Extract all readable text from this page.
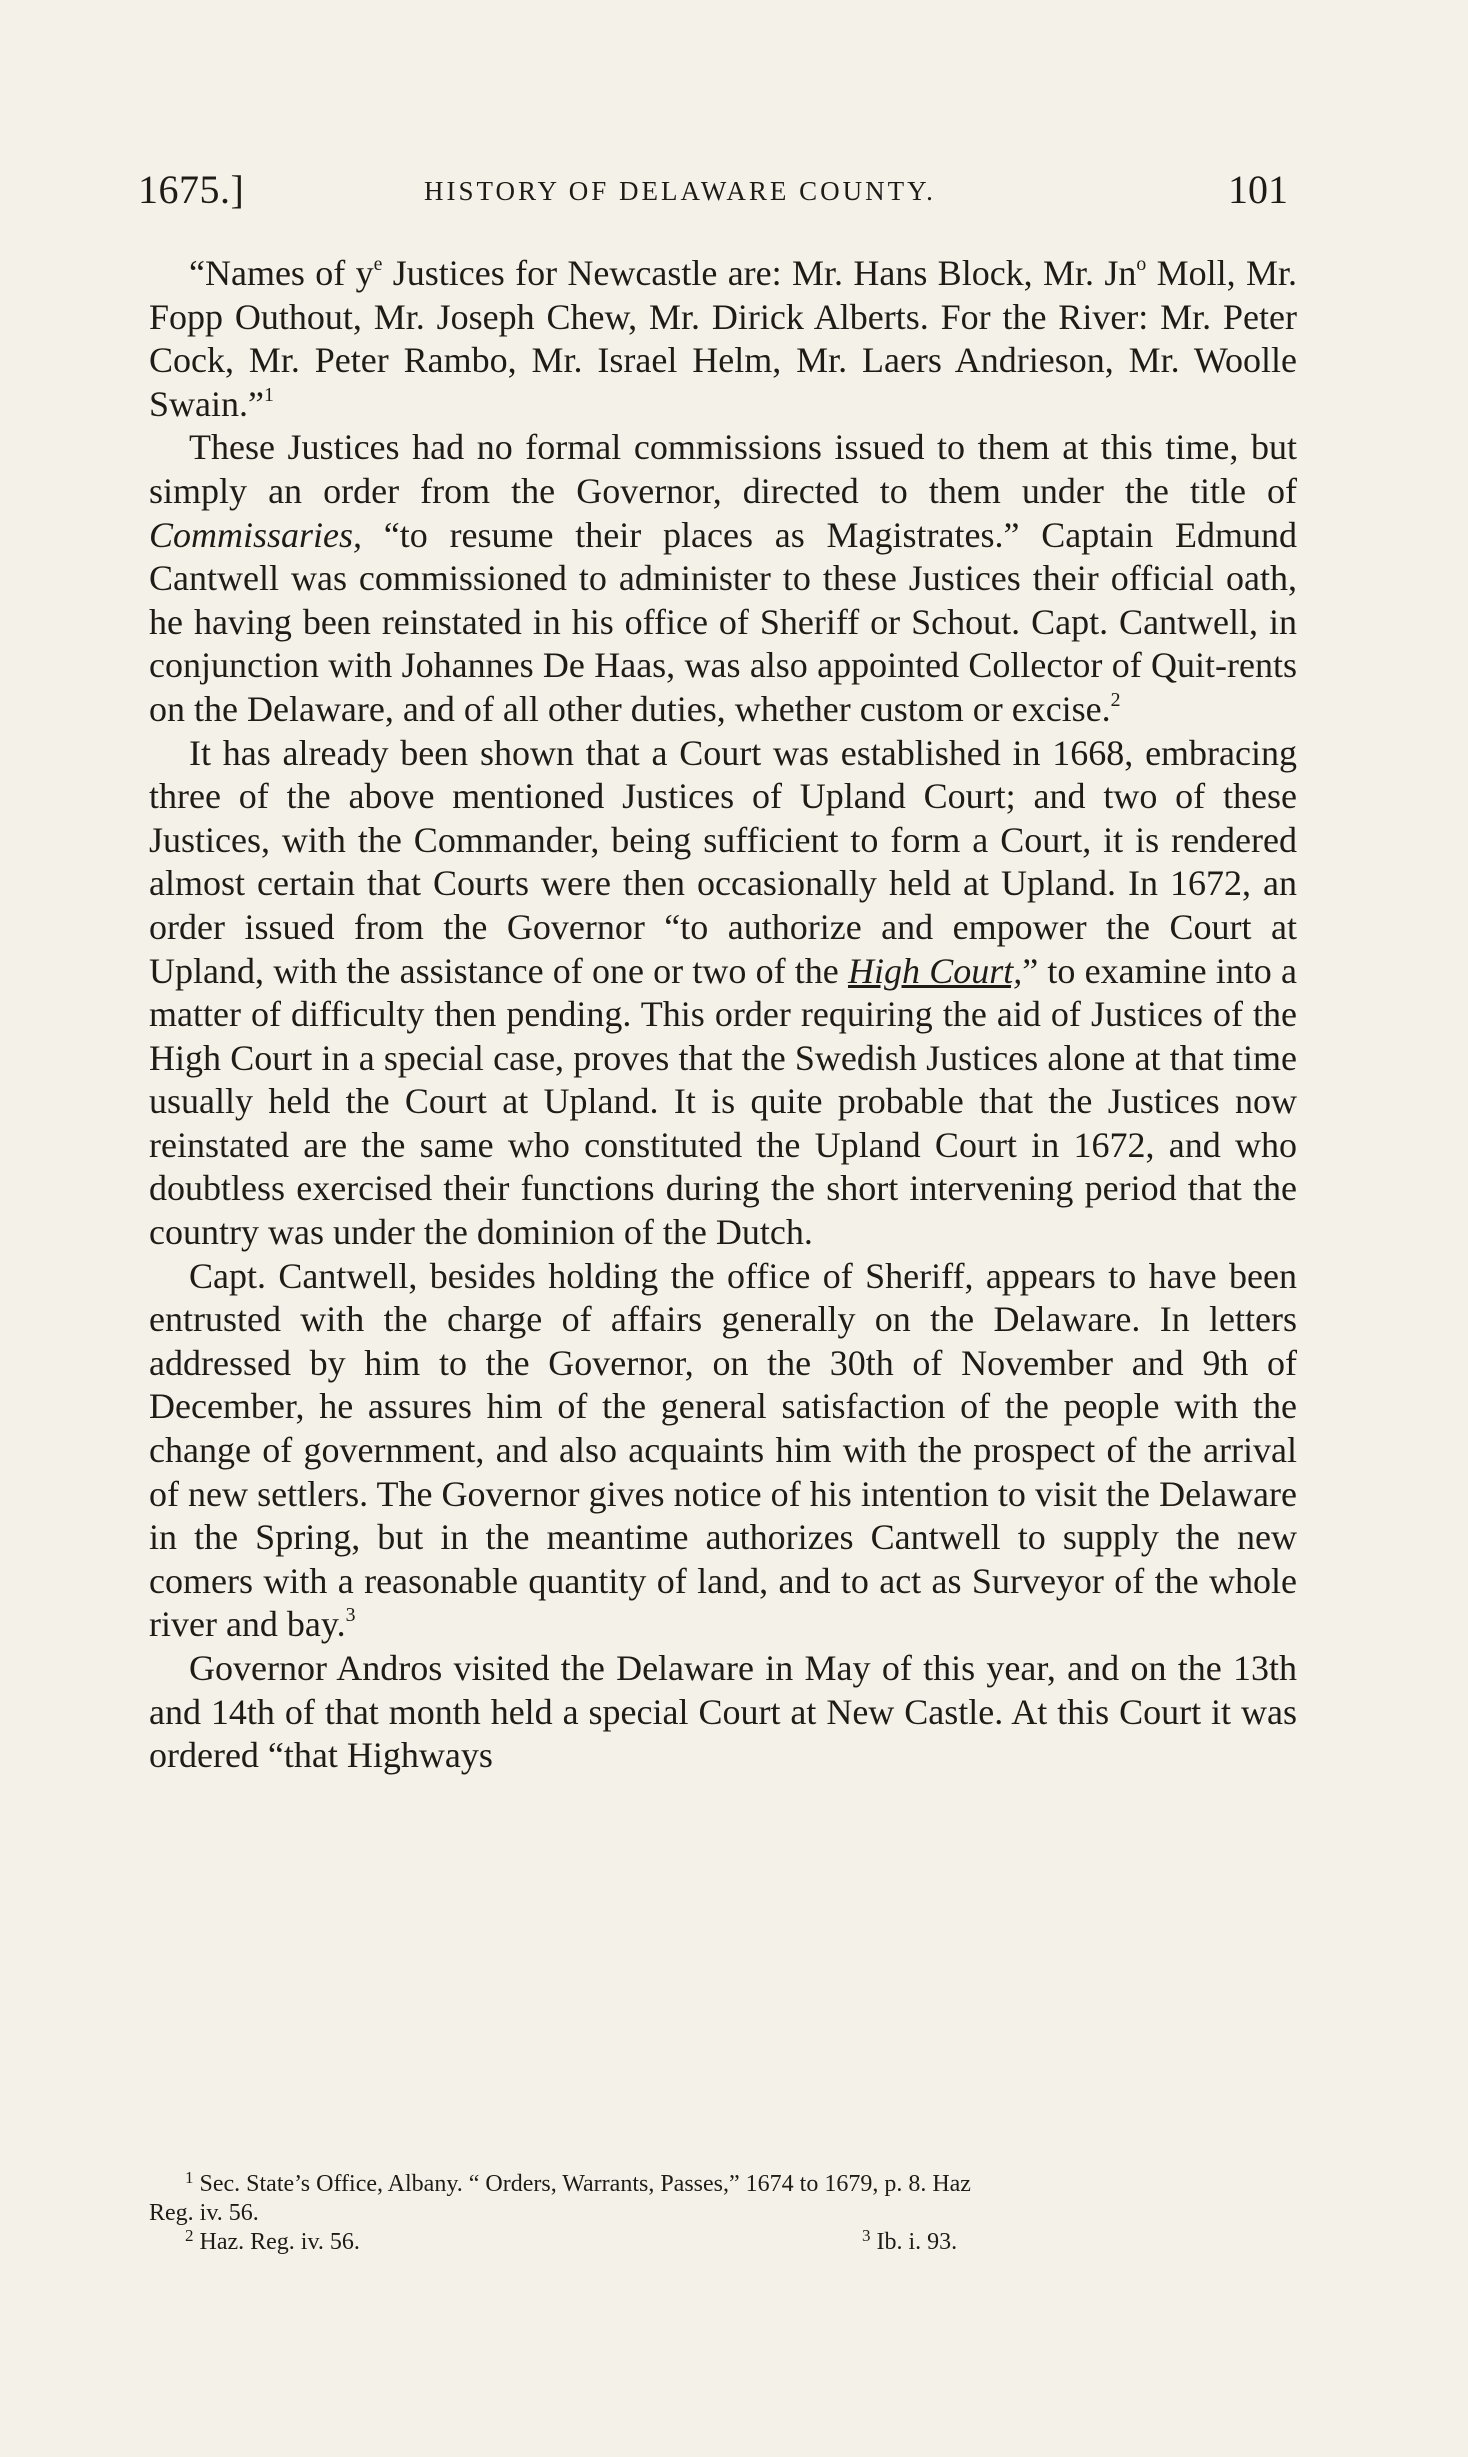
1675.]	HISTORY OF DELAWARE COUNTY.	101

“Names of $y^e$ Justices for Newcastle are: Mr. Hans Block, Mr. Jn$^o$ Moll, Mr. Fopp Outhout, Mr. Joseph Chew, Mr. Dirick Alberts. For the River: Mr. Peter Cock, Mr. Peter Rambo, Mr. Israel Helm, Mr. Laers Andrieson, Mr. Woolle Swain.”$^1$

These Justices had no formal commissions issued to them at this time, but simply an order from the Governor, directed to them under the title of Commissaries, “to resume their places as Magistrates.” Captain Edmund Cantwell was commissioned to administer to these Justices their official oath, he having been reinstated in his office of Sheriff or Schout. Capt. Cantwell, in conjunction with Johannes De Haas, was also appointed Collector of Quit-rents on the Delaware, and of all other duties, whether custom or excise.$^2$

It has already been shown that a Court was established in 1668, embracing three of the above mentioned Justices of Upland Court; and two of these Justices, with the Commander, being sufficient to form a Court, it is rendered almost certain that Courts were then occasionally held at Upland. In 1672, an order issued from the Governor “to authorize and empower the Court at Upland, with the assistance of one or two of the High Court,” to examine into a matter of difficulty then pending. This order requiring the aid of Justices of the High Court in a special case, proves that the Swedish Justices alone at that time usually held the Court at Upland. It is quite probable that the Justices now reinstated are the same who constituted the Upland Court in 1672, and who doubtless exercised their functions during the short intervening period that the country was under the dominion of the Dutch.

Capt. Cantwell, besides holding the office of Sheriff, appears to have been entrusted with the charge of affairs generally on the Delaware. In letters addressed by him to the Governor, on the 30th of November and 9th of December, he assures him of the general satisfaction of the people with the change of government, and also acquaints him with the prospect of the arrival of new settlers. The Governor gives notice of his intention to visit the Delaware in the Spring, but in the meantime authorizes Cantwell to supply the new comers with a reasonable quantity of land, and to act as Surveyor of the whole river and bay.$^3$

Governor Andros visited the Delaware in May of this year, and on the 13th and 14th of that month held a special Court at New Castle. At this Court it was ordered “that Highways

$^1$ Sec. State’s Office, Albany. “ Orders, Warrants, Passes,” 1674 to 1679, p. 8. Haz
Reg. iv. 56.
$^2$ Haz. Reg. iv. 56.	$^3$ Ib. i. 93.
